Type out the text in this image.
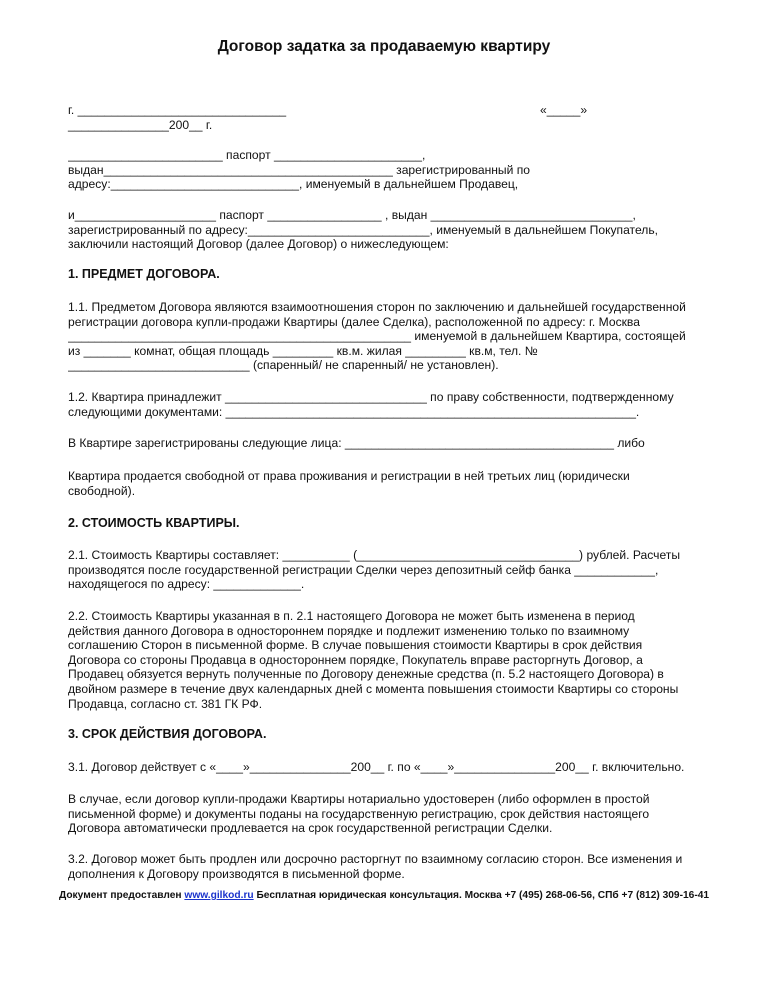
Договор задатка за продаваемую квартиру
г. _______________________________	«_____»
_______________200__ г.
_______________________ паспорт ______________________,
выдан___________________________________________ зарегистрированный по
адресу:____________________________, именуемый в дальнейшем Продавец,
и_____________________ паспорт _________________ , выдан ______________________________,
зарегистрированный по адресу:___________________________, именуемый в дальнейшем Покупатель,
заключили настоящий Договор (далее Договор) о нижеследующем:
1. ПРЕДМЕТ ДОГОВОРА.
1.1. Предметом Договора являются взаимоотношения сторон по заключению и дальнейшей государственной
регистрации договора купли-продажи Квартиры (далее Сделка), расположенной по адресу: г. Москва
___________________________________________________ именуемой в дальнейшем Квартира, состоящей
из _______ комнат, общая площадь _________ кв.м. жилая _________ кв.м, тел. №
___________________________ (спаренный/ не спаренный/ не установлен).
1.2. Квартира принадлежит ______________________________ по праву собственности, подтвержденному
следующими документами: _____________________________________________________________.
В Квартире зарегистрированы следующие лица: ________________________________________ либо
Квартира продается свободной от права проживания и регистрации в ней третьих лиц (юридически
свободной).
2. СТОИМОСТЬ КВАРТИРЫ.
2.1. Стоимость Квартиры составляет: __________ (_________________________________) рублей. Расчеты
производятся после государственной регистрации Сделки через депозитный сейф банка ____________,
находящегося по адресу: _____________.
2.2. Стоимость Квартиры указанная в п. 2.1 настоящего Договора не может быть изменена в период
действия данного Договора в одностороннем порядке и подлежит изменению только по взаимному
соглашению Сторон в письменной форме. В случае повышения стоимости Квартиры в срок действия
Договора со стороны Продавца в одностороннем порядке, Покупатель вправе расторгнуть Договор, а
Продавец обязуется вернуть полученные по Договору денежные средства (п. 5.2 настоящего Договора) в
двойном размере в течение двух календарных дней с момента повышения стоимости Квартиры со стороны
Продавца, согласно ст. 381 ГК РФ.
3. СРОК ДЕЙСТВИЯ ДОГОВОРА.
3.1. Договор действует с «____»_______________200__ г. по «____»_______________200__ г. включительно.
В случае, если договор купли-продажи Квартиры нотариально удостоверен (либо оформлен в простой
письменной форме) и документы поданы на государственную регистрацию, срок действия настоящего
Договора автоматически продлевается на срок государственной регистрации Сделки.
3.2. Договор может быть продлен или досрочно расторгнут по взаимному согласию сторон. Все изменения и
дополнения к Договору производятся в письменной форме.
Документ предоставлен www.gilkod.ru Бесплатная юридическая консультация. Москва +7 (495) 268-06-56, СПб +7 (812) 309-16-41
